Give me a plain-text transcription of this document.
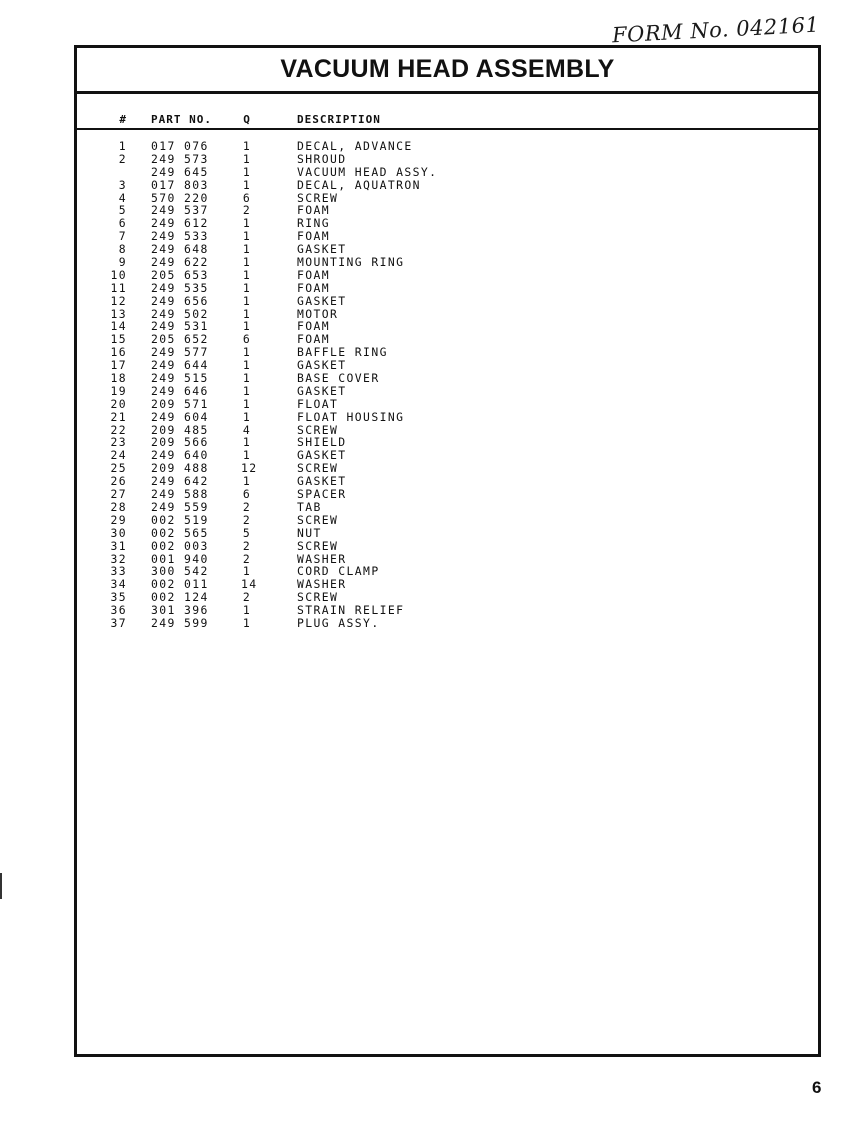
FORM No. 042161
VACUUM HEAD ASSEMBLY
# PART NO.	Q	DESCRIPTION
1 017 076	1	DECAL, ADVANCE
2 249 573	1	SHROUD
249 645	1	VACUUM HEAD ASSY.
3 017 803	1	DECAL, AQUATRON
4 570 220	6	SCREW
5 249 537	2	FOAM
6 249 612	1	RING
7 249 533	1	FOAM
8 249 648	1	GASKET
9 249 622	1	MOUNTING RING
10 205 653	1	FOAM
11 249 535	1	FOAM
12 249 656	1	GASKET
13 249 502	1	MOTOR
14 249 531	1	FOAM
15 205 652	6	FOAM
16 249 577	1	BAFFLE RING
17 249 644	1	GASKET
18 249 515	1	BASE COVER
19 249 646	1	GASKET
20 209 571	1	FLOAT
21 249 604	1	FLOAT HOUSING
22 209 485	4	SCREW
23 209 566	1	SHIELD
24 249 640	1	GASKET
25 209 488	12	SCREW
26 249 642	1	GASKET
27 249 588	6	SPACER
28 249 559	2	TAB
29 002 519	2	SCREW
30 002 565	5	NUT
31 002 003	2	SCREW
32 001 940	2	WASHER
33 300 542	1	CORD CLAMP
34 002 011	14	WASHER
35 002 124	2	SCREW
36 301 396	1	STRAIN RELIEF
37 249 599	1	PLUG ASSY.
6
